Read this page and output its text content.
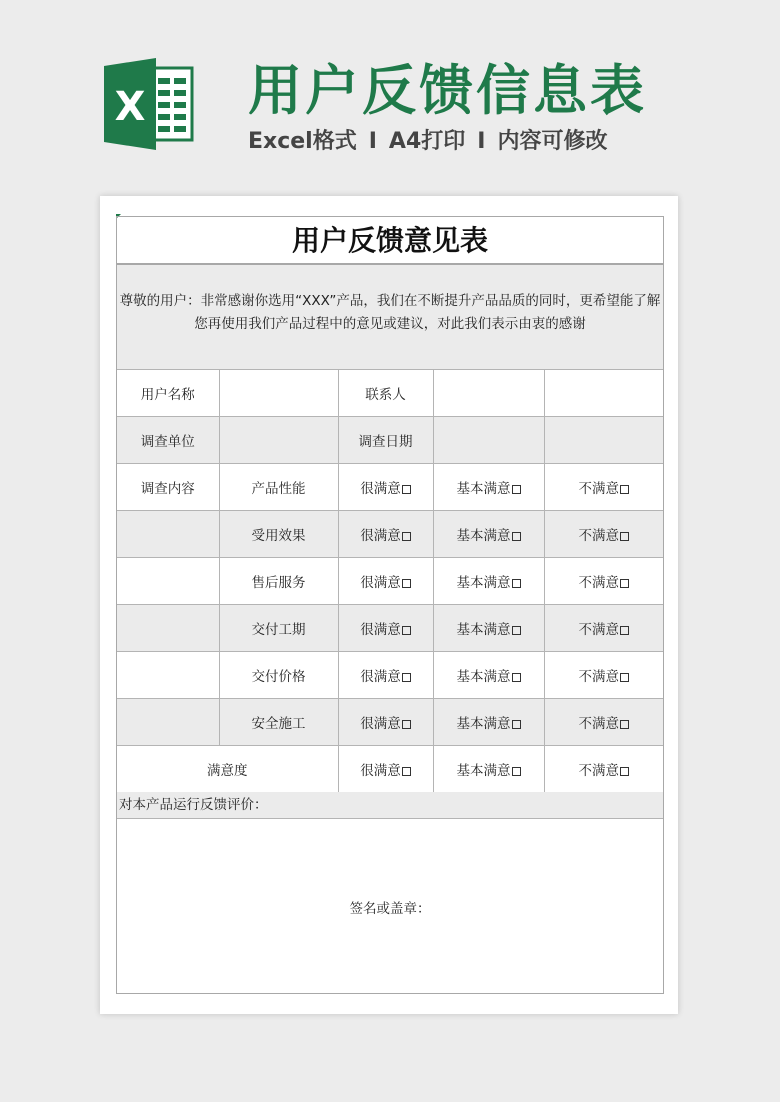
X 用户反馈信息表
Excel格式 I A4打印 I 内容可修改
用户反馈意见表
尊敬的用户：非常感谢你选用“XXX”产品，我们在不断提升产品品质的同时，更希望能了解您再使用我们产品过程中的意见或建议，对此我们表示由衷的感谢
用户名称		联系人		
调查单位		调查日期		
调查内容	产品性能	很满意	基本满意	不满意
	受用效果	很满意	基本满意	不满意
	售后服务	很满意	基本满意	不满意
	交付工期	很满意	基本满意	不满意
	交付价格	很满意	基本满意	不满意
	安全施工	很满意	基本满意	不满意
满意度		很满意	基本满意	不满意
对本产品运行反馈评价：
签名或盖章：
